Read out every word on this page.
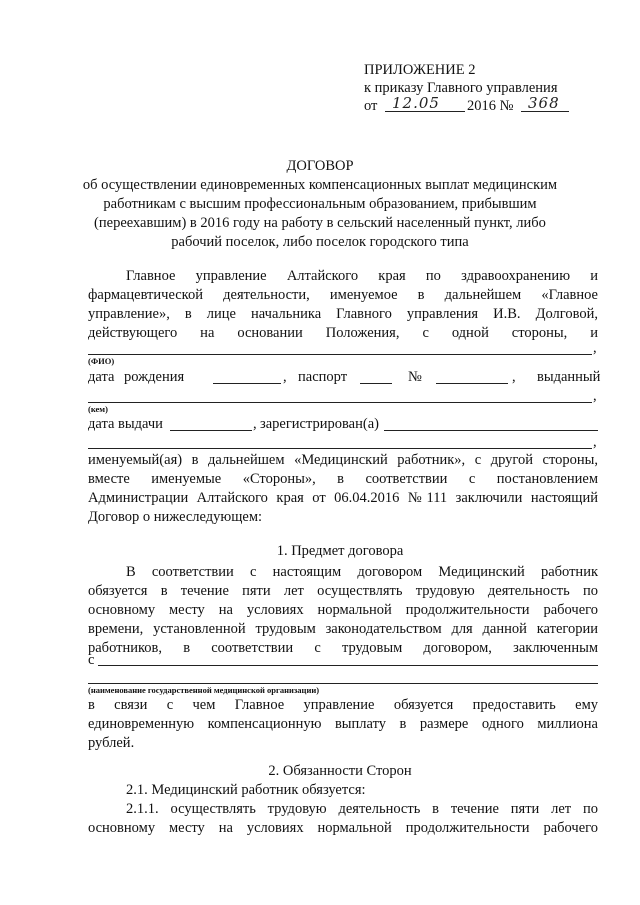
ПРИЛОЖЕНИЕ 2
к приказу Главного управления
от 12.05 2016 № 368
ДОГОВОР
об осуществлении единовременных компенсационных выплат медицинским
работникам с высшим профессиональным образованием, прибывшим
(переехавшим) в 2016 году на работу в сельский населенный пункт, либо
рабочий поселок, либо поселок городского типа
Главное управление Алтайского края по здравоохранению и
фармацевтической деятельности, именуемое в дальнейшем «Главное
управление», в лице начальника Главного управления И.В. Долговой,
действующего на основании Положения, с одной стороны, и
,
(ФИО)
дата рождения	, паспорт	№	, выданный
,
(кем)
дата выдачи	, зарегистрирован(а)
,
именуемый(ая) в дальнейшем «Медицинский работник», с другой стороны,
вместе именуемые «Стороны», в соответствии с постановлением
Администрации Алтайского края от 06.04.2016 №111 заключили настоящий
Договор о нижеследующем:
1. Предмет договора
В соответствии с настоящим договором Медицинский работник
обязуется в течение пяти лет осуществлять трудовую деятельность по
основному месту на условиях нормальной продолжительности рабочего
времени, установленной трудовым законодательством для данной категории
работников, в соответствии с трудовым договором, заключенным
с
(наименование государственной медицинской организации)
в связи с чем Главное управление обязуется предоставить ему
единовременную компенсационную выплату в размере одного миллиона
рублей.
2. Обязанности Сторон
2.1. Медицинский работник обязуется:
2.1.1. осуществлять трудовую деятельность в течение пяти лет по
основному месту на условиях нормальной продолжительности рабочего
